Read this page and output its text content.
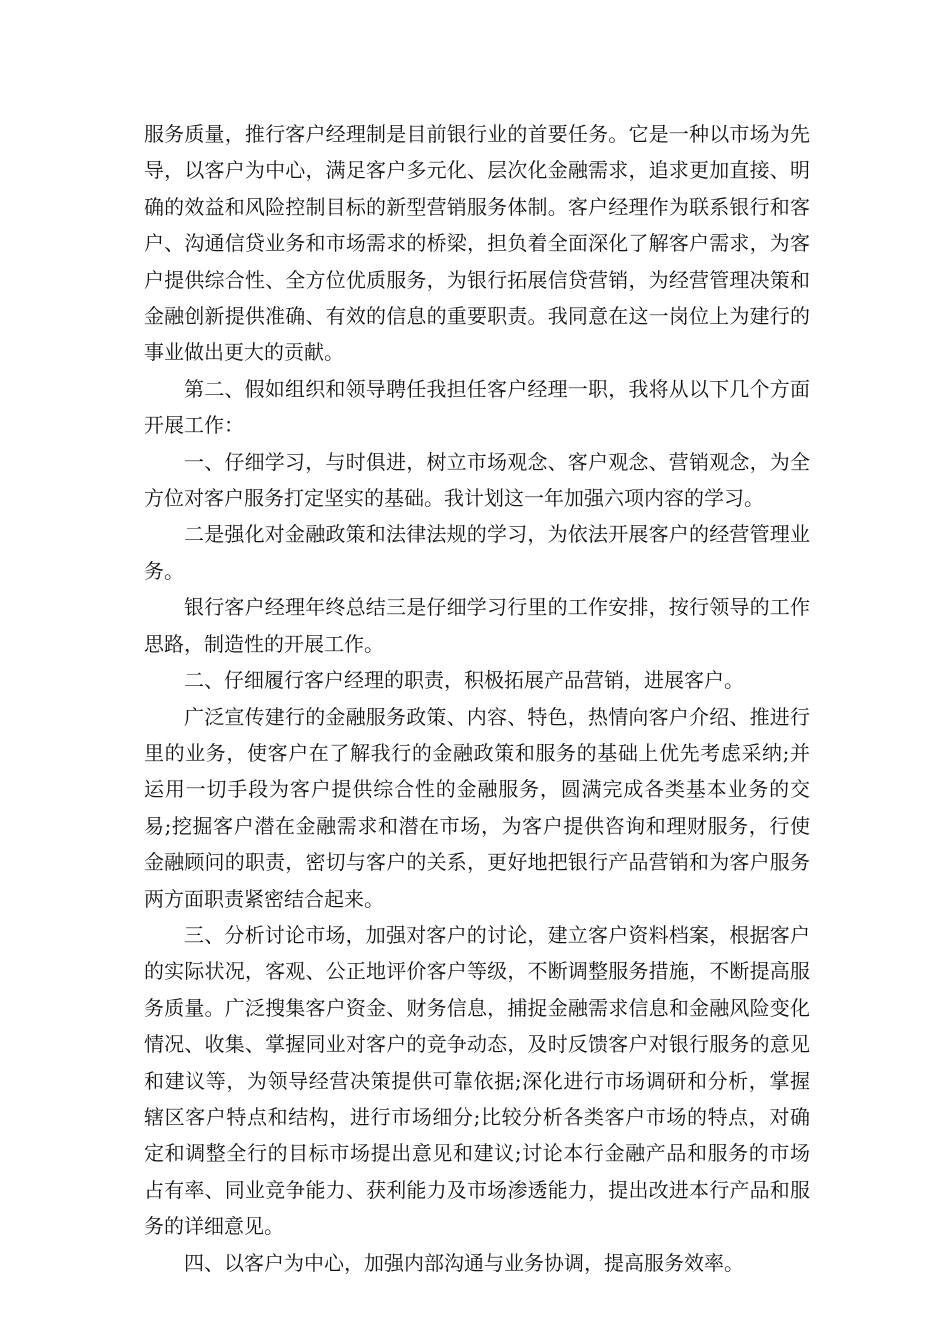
服务质量，推行客户经理制是目前银行业的首要任务。它是一种以市场为先导，以客户为中心，满足客户多元化、层次化金融需求，追求更加直接、明确的效益和风险控制目标的新型营销服务体制。客户经理作为联系银行和客户、沟通信贷业务和市场需求的桥梁，担负着全面深化了解客户需求，为客户提供综合性、全方位优质服务，为银行拓展信贷营销，为经营管理决策和金融创新提供准确、有效的信息的重要职责。我同意在这一岗位上为建行的事业做出更大的贡献。

第二、假如组织和领导聘任我担任客户经理一职，我将从以下几个方面开展工作：

一、仔细学习，与时俱进，树立市场观念、客户观念、营销观念，为全方位对客户服务打定坚实的基础。我计划这一年加强六项内容的学习。

二是强化对金融政策和法律法规的学习，为依法开展客户的经营管理业务。

银行客户经理年终总结三是仔细学习行里的工作安排，按行领导的工作思路，制造性的开展工作。

二、仔细履行客户经理的职责，积极拓展产品营销，进展客户。

广泛宣传建行的金融服务政策、内容、特色，热情向客户介绍、推进行里的业务，使客户在了解我行的金融政策和服务的基础上优先考虑采纳;并运用一切手段为客户提供综合性的金融服务，圆满完成各类基本业务的交易;挖掘客户潜在金融需求和潜在市场，为客户提供咨询和理财服务，行使金融顾问的职责，密切与客户的关系，更好地把银行产品营销和为客户服务两方面职责紧密结合起来。

三、分析讨论市场，加强对客户的讨论，建立客户资料档案，根据客户的实际状况，客观、公正地评价客户等级，不断调整服务措施，不断提高服务质量。广泛搜集客户资金、财务信息，捕捉金融需求信息和金融风险变化情况、收集、掌握同业对客户的竞争动态，及时反馈客户对银行服务的意见和建议等，为领导经营决策提供可靠依据;深化进行市场调研和分析，掌握辖区客户特点和结构，进行市场细分;比较分析各类客户市场的特点，对确定和调整全行的目标市场提出意见和建议;讨论本行金融产品和服务的市场占有率、同业竞争能力、获利能力及市场渗透能力，提出改进本行产品和服务的详细意见。

四、以客户为中心，加强内部沟通与业务协调，提高服务效率。
